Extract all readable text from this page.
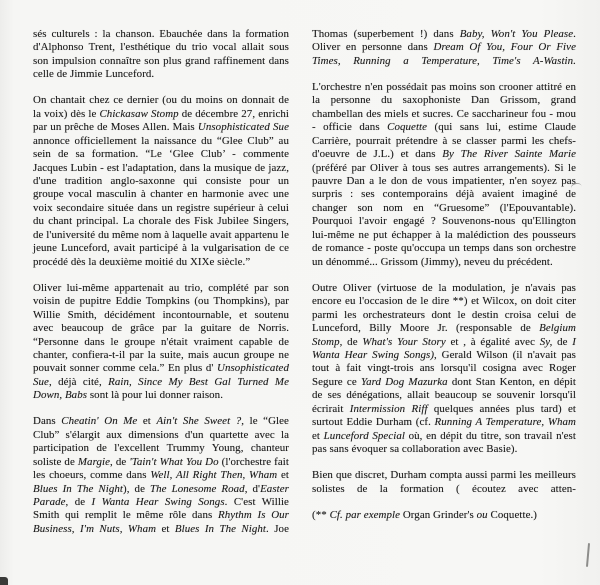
sés culturels : la chanson. Ebauchée dans la formation d'Alphonso Trent, l'esthétique du trio vocal allait sous son impulsion connaître son plus grand raffinement dans celle de Jimmie Lunceford.

On chantait chez ce dernier (ou du moins on donnait de la voix) dès le Chickasaw Stomp de décembre 27, enrichi par un prêche de Moses Allen. Mais Unsophisticated Sue annonce officiellement la naissance du “Glee Club” au sein de sa formation. “Le ‘Glee Club’ - commente Jacques Lubin - est l'adaptation, dans la musique de jazz, d'une tradition anglo-saxonne qui consiste pour un groupe vocal masculin à chanter en harmonie avec une voix secondaire située dans un registre supérieur à celui du chant principal. La chorale des Fisk Jubilee Singers, de l'université du même nom à laquelle avait appartenu le jeune Lunceford, avait participé à la vulgarisation de ce procédé dès la deuxième moitié du XIXe siècle.”

Oliver lui-même appartenait au trio, complété par son voisin de pupitre Eddie Tompkins (ou Thompkins), par Willie Smith, décidément incontournable, et soutenu avec beaucoup de grâce par la guitare de Norris. “Personne dans le groupe n'était vraiment capable de chanter, confiera-t-il par la suite, mais aucun groupe ne pouvait sonner comme cela.” En plus d' Unsophisticated Sue, déjà cité, Rain, Since My Best Gal Turned Me Down, Babs sont là pour lui donner raison.

Dans Cheatin' On Me et Ain't She Sweet ?, le “Glee Club” s'élargit aux dimensions d'un quartette avec la participation de l'excellent Trummy Young, chanteur soliste de Margie, de 'Tain't What You Do (l'orchestre fait les choeurs, comme dans Well, All Right Then, Wham et Blues In The Night), de The Lonesome Road, d'Easter Parade, de I Wanta Hear Swing Songs. C'est Willie Smith qui remplit le même rôle dans Rhythm Is Our Business, I'm Nuts, Wham et Blues In The Night. Joe

Thomas (superbement !) dans Baby, Won't You Please. Oliver en personne dans Dream Of You, Four Or Five Times, Running a Temperature, Time's A-Wastin.

L'orchestre n'en possédait pas moins son crooner attitré en la personne du saxophoniste Dan Grissom, grand chambellan des miels et sucres. Ce saccharineur fou - mou - officie dans Coquette (qui sans lui, estime Claude Carrière, pourrait prétendre à se classer parmi les chefs-d'oeuvre de J.L.) et dans By The River Sainte Marie (préféré par Oliver à tous ses autres arrangements). Si le pauvre Dan a le don de vous impatienter, n'en soyez pas surpris : ses contemporains déjà avaient imaginé de changer son nom en “Gruesome” (l'Epouvantable). Pourquoi l'avoir engagé ? Souvenons-nous qu'Ellington lui-même ne put échapper à la malédiction des pousseurs de romance - poste qu'occupa un temps dans son orchestre un dénommé... Grissom (Jimmy), neveu du précédent.

Outre Oliver (virtuose de la modulation, je n'avais pas encore eu l'occasion de le dire **) et Wilcox, on doit citer parmi les orchestrateurs dont le destin croisa celui de Lunceford, Billy Moore Jr. (responsable de Belgium Stomp, de What's Your Story et , à égalité avec Sy, de I Wanta Hear Swing Songs), Gerald Wilson (il n'avait pas tout à fait vingt-trois ans lorsqu'il cosigna avec Roger Segure ce Yard Dog Mazurka dont Stan Kenton, en dépit de ses dénégations, allait beaucoup se souvenir lorsqu'il écrirait Intermission Riff quelques années plus tard) et surtout Eddie Durham (cf. Running A Temperature, Wham et Lunceford Special où, en dépit du titre, son travail n'est pas sans évoquer sa collaboration avec Basie).

Bien que discret, Durham compta aussi parmi les meilleurs solistes de la formation ( écoutez avec atten-

(** Cf. par exemple Organ Grinder's ou Coquette.)
